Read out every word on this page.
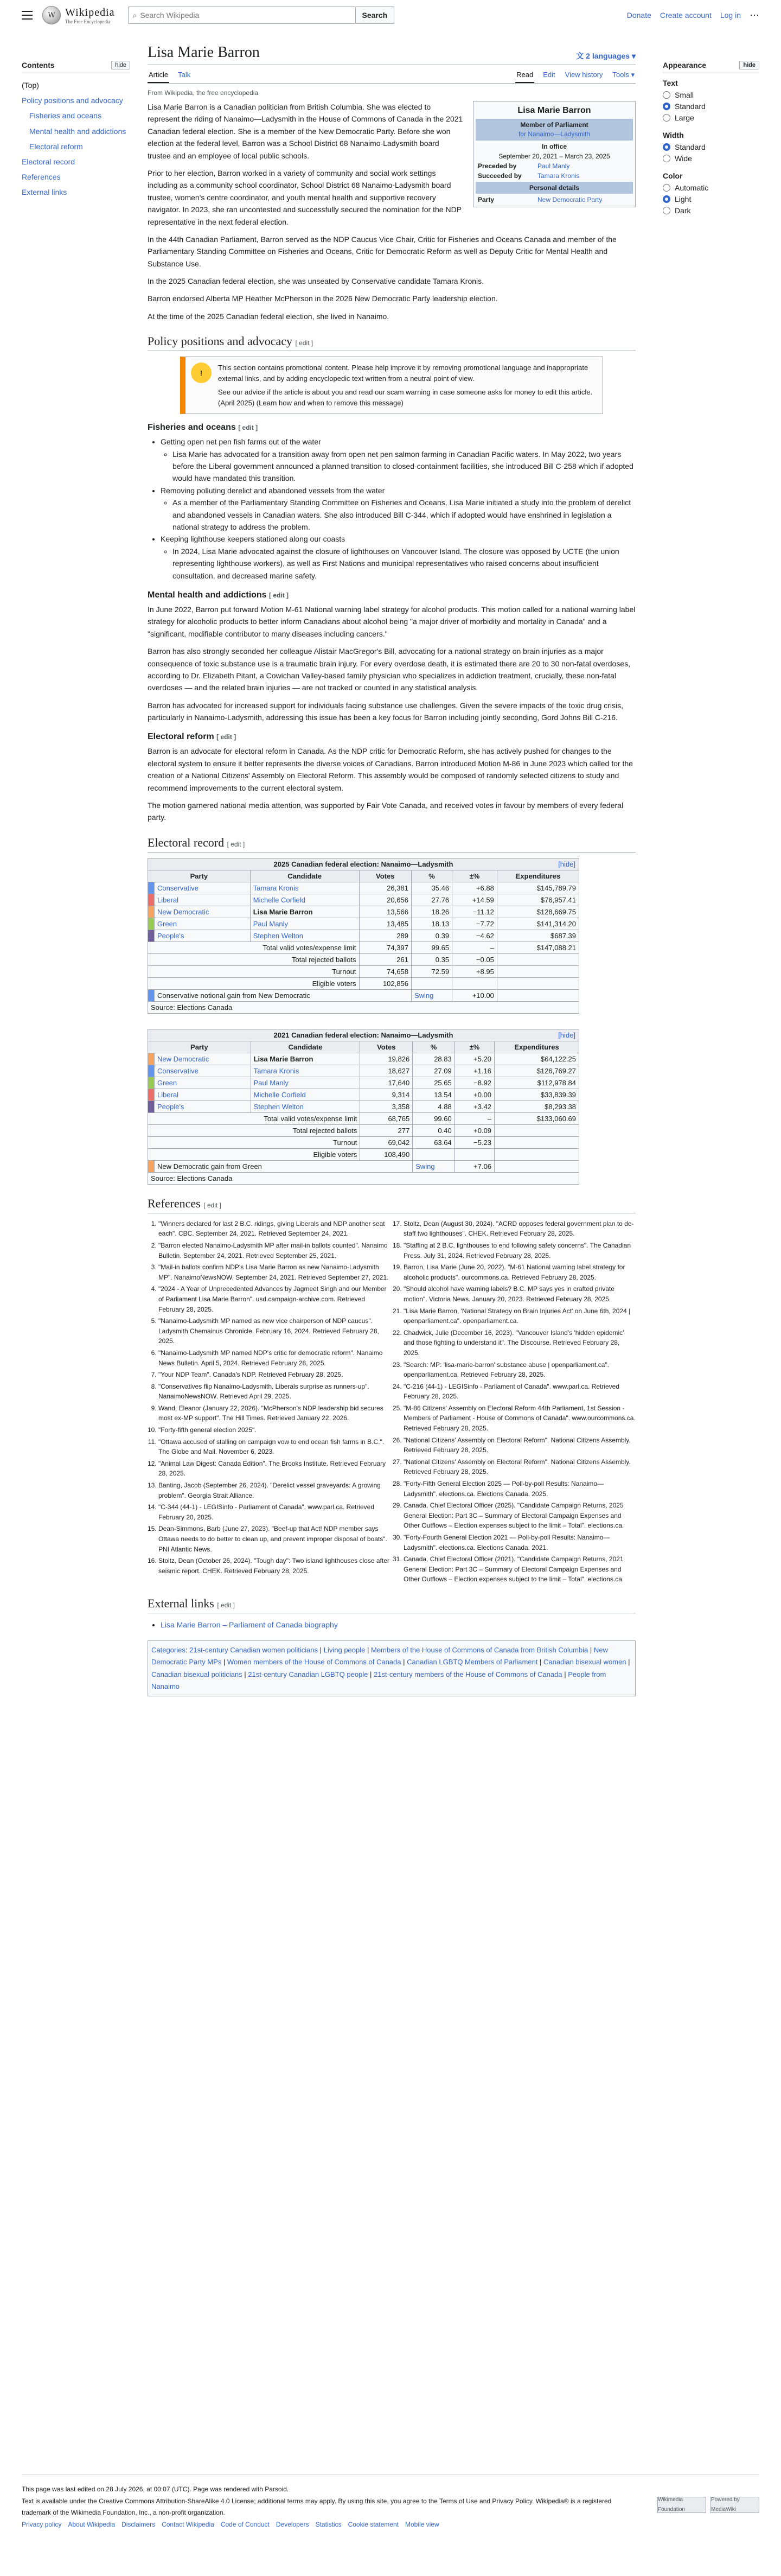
W Wikipedia
The Free Encyclopedia
⌕
Search Wikipedia	Search	Donate Create account Log in ⋯
Contents	hide
(Top)
Policy positions and advocacy
Fisheries and oceans
Mental health and addictions
Electoral reform
Electoral record
References
External links
Lisa Marie Barron	文 2 languages ▾
Article Talk	Read Edit View history Tools ▾
From Wikipedia, the free encyclopedia
Lisa Marie Barron
Member of Parliament
for Nanaimo—Ladysmith
In office
September 20, 2021 – March 23, 2025
Preceded by	Paul Manly
Succeeded by	Tamara Kronis
Personal details
Party	New Democratic Party

Lisa Marie Barron is a Canadian politician from British Columbia. She was elected to represent the riding of Nanaimo—Ladysmith in the House of Commons of Canada in the 2021 Canadian federal election. She is a member of the New Democratic Party. Before she won election at the federal level, Barron was a School District 68 Nanaimo-Ladysmith board trustee and an employee of local public schools.

Prior to her election, Barron worked in a variety of community and social work settings including as a community school coordinator, School District 68 Nanaimo-Ladysmith board trustee, women's centre coordinator, and youth mental health and supportive recovery navigator. In 2023, she ran uncontested and successfully secured the nomination for the NDP representative in the next federal election.

In the 44th Canadian Parliament, Barron served as the NDP Caucus Vice Chair, Critic for Fisheries and Oceans Canada and member of the Parliamentary Standing Committee on Fisheries and Oceans, Critic for Democratic Reform as well as Deputy Critic for Mental Health and Substance Use.

In the 2025 Canadian federal election, she was unseated by Conservative candidate Tamara Kronis.

Barron endorsed Alberta MP Heather McPherson in the 2026 New Democratic Party leadership election.

At the time of the 2025 Canadian federal election, she lived in Nanaimo.

Policy positions and advocacy [ edit ]
!
This section contains promotional content. Please help improve it by removing promotional language and inappropriate external links, and by adding encyclopedic text written from a neutral point of view.
See our advice if the article is about you and read our scam warning in case someone asks for money to edit this article. (April 2025) (Learn how and when to remove this message)
Fisheries and oceans [ edit ]
• Getting open net pen fish farms out of the water
◦ Lisa Marie has advocated for a transition away from open net pen salmon farming in Canadian Pacific waters. In May 2022, two years before the Liberal government announced a planned transition to closed-containment facilities, she introduced Bill C-258 which if adopted would have mandated this transition.
• Removing polluting derelict and abandoned vessels from the water
◦ As a member of the Parliamentary Standing Committee on Fisheries and Oceans, Lisa Marie initiated a study into the problem of derelict and abandoned vessels in Canadian waters. She also introduced Bill C-344, which if adopted would have enshrined in legislation a national strategy to address the problem.
• Keeping lighthouse keepers stationed along our coasts
◦ In 2024, Lisa Marie advocated against the closure of lighthouses on Vancouver Island. The closure was opposed by UCTE (the union representing lighthouse workers), as well as First Nations and municipal representatives who raised concerns about insufficient consultation, and decreased marine safety.
Mental health and addictions [ edit ]

In June 2022, Barron put forward Motion M-61 National warning label strategy for alcohol products. This motion called for a national warning label strategy for alcoholic products to better inform Canadians about alcohol being "a major driver of morbidity and mortality in Canada" and a "significant, modifiable contributor to many diseases including cancers."

Barron has also strongly seconded her colleague Alistair MacGregor's Bill, advocating for a national strategy on brain injuries as a major consequence of toxic substance use is a traumatic brain injury. For every overdose death, it is estimated there are 20 to 30 non-fatal overdoses, according to Dr. Elizabeth Pitant, a Cowichan Valley-based family physician who specializes in addiction treatment, crucially, these non-fatal overdoses — and the related brain injuries — are not tracked or counted in any statistical analysis.

Barron has advocated for increased support for individuals facing substance use challenges. Given the severe impacts of the toxic drug crisis, particularly in Nanaimo-Ladysmith, addressing this issue has been a key focus for Barron including jointly seconding, Gord Johns Bill C-216.

Electoral reform [ edit ]

Barron is an advocate for electoral reform in Canada. As the NDP critic for Democratic Reform, she has actively pushed for changes to the electoral system to ensure it better represents the diverse voices of Canadians. Barron introduced Motion M-86 in June 2023 which called for the creation of a National Citizens' Assembly on Electoral Reform. This assembly would be composed of randomly selected citizens to study and recommend improvements to the current electoral system.

The motion garnered national media attention, was supported by Fair Vote Canada, and received votes in favour by members of every federal party.

Electoral record [ edit ]
2025 Canadian federal election: Nanaimo—Ladysmith [hide]						

Party		Candidate	Votes	%	±%	Expenditures
	Conservative	Tamara Kronis	26,381	35.46	+6.88	$145,789.79
	Liberal	Michelle Corfield	20,656	27.76	+14.59	$76,957.41
	New Democratic	Lisa Marie Barron	13,566	18.26	−11.12	$128,669.75
	Green	Paul Manly	13,485	18.13	−7.72	$141,314.20
	People's	Stephen Welton	289	0.39	−4.62	$687.39
Total valid votes/expense limit			74,397	99.65	–	$147,088.21
Total rejected ballots			261	0.35	−0.05	
Turnout			74,658	72.59	+8.95	
Eligible voters			102,856			
	Conservative notional gain from New Democratic			Swing	+10.00	
Source: Elections Canada						
2021 Canadian federal election: Nanaimo—Ladysmith [hide]						

Party		Candidate	Votes	%	±%	Expenditures
	New Democratic	Lisa Marie Barron	19,826	28.83	+5.20	$64,122.25
	Conservative	Tamara Kronis	18,627	27.09	+1.16	$126,769.27
	Green	Paul Manly	17,640	25.65	−8.92	$112,978.84
	Liberal	Michelle Corfield	9,314	13.54	+0.00	$33,839.39
	People's	Stephen Welton	3,358	4.88	+3.42	$8,293.38
Total valid votes/expense limit			68,765	99.60	–	$133,060.69
Total rejected ballots			277	0.40	+0.09	
Turnout			69,042	63.64	−5.23	
Eligible voters			108,490			
	New Democratic gain from Green			Swing	+7.06	
Source: Elections Canada						
References [ edit ]
1. "Winners declared for last 2 B.C. ridings, giving Liberals and NDP another seat each". CBC. September 24, 2021. Retrieved September 24, 2021.
2. "Barron elected Nanaimo-Ladysmith MP after mail-in ballots counted". Nanaimo Bulletin. September 24, 2021. Retrieved September 25, 2021.
3. "Mail-in ballots confirm NDP's Lisa Marie Barron as new Nanaimo-Ladysmith MP". NanaimoNewsNOW. September 24, 2021. Retrieved September 27, 2021.
4. "2024 - A Year of Unprecedented Advances by Jagmeet Singh and our Member of Parliament Lisa Marie Barron". usd.campaign-archive.com. Retrieved February 28, 2025.
5. "Nanaimo-Ladysmith MP named as new vice chairperson of NDP caucus". Ladysmith Chemainus Chronicle. February 16, 2024. Retrieved February 28, 2025.
6. "Nanaimo-Ladysmith MP named NDP's critic for democratic reform". Nanaimo News Bulletin. April 5, 2024. Retrieved February 28, 2025.
7. "Your NDP Team". Canada's NDP. Retrieved February 28, 2025.
8. "Conservatives flip Nanaimo-Ladysmith, Liberals surprise as runners-up". NanaimoNewsNOW. Retrieved April 29, 2025.
9. Wand, Eleanor (January 22, 2026). "McPherson's NDP leadership bid secures most ex-MP support". The Hill Times. Retrieved January 22, 2026.
10. "Forty-fifth general election 2025".
11. "Ottawa accused of stalling on campaign vow to end ocean fish farms in B.C.". The Globe and Mail. November 6, 2023.
12. "Animal Law Digest: Canada Edition". The Brooks Institute. Retrieved February 28, 2025.
13. Banting, Jacob (September 26, 2024). "Derelict vessel graveyards: A growing problem". Georgia Strait Alliance.
14. "C-344 (44-1) - LEGISinfo - Parliament of Canada". www.parl.ca. Retrieved February 20, 2025.
15. Dean-Simmons, Barb (June 27, 2023). "Beef-up that Act! NDP member says Ottawa needs to do better to clean up, and prevent improper disposal of boats". PNI Atlantic News.
16. Stoltz, Dean (October 26, 2024). "Tough day": Two island lighthouses close after seismic report. CHEK. Retrieved February 28, 2025.
17. Stoltz, Dean (August 30, 2024). "ACRD opposes federal government plan to de-staff two lighthouses". CHEK. Retrieved February 28, 2025.
18. "Staffing at 2 B.C. lighthouses to end following safety concerns". The Canadian Press. July 31, 2024. Retrieved February 28, 2025.
19. Barron, Lisa Marie (June 20, 2022). "M-61 National warning label strategy for alcoholic products". ourcommons.ca. Retrieved February 28, 2025.
20. "Should alcohol have warning labels? B.C. MP says yes in crafted private motion". Victoria News. January 20, 2023. Retrieved February 28, 2025.
21. "Lisa Marie Barron, 'National Strategy on Brain Injuries Act' on June 6th, 2024 | openparliament.ca". openparliament.ca.
22. Chadwick, Julie (December 16, 2023). "Vancouver Island's 'hidden epidemic' and those fighting to understand it". The Discourse. Retrieved February 28, 2025.
23. "Search: MP: 'lisa-marie-barron' substance abuse | openparliament.ca". openparliament.ca. Retrieved February 28, 2025.
24. "C-216 (44-1) - LEGISinfo - Parliament of Canada". www.parl.ca. Retrieved February 28, 2025.
25. "M-86 Citizens' Assembly on Electoral Reform 44th Parliament, 1st Session - Members of Parliament - House of Commons of Canada". www.ourcommons.ca. Retrieved February 28, 2025.
26. "National Citizens' Assembly on Electoral Reform". National Citizens Assembly. Retrieved February 28, 2025.
27. "National Citizens' Assembly on Electoral Reform". National Citizens Assembly. Retrieved February 28, 2025.
28. "Forty-Fifth General Election 2025 — Poll-by-poll Results: Nanaimo—Ladysmith". elections.ca. Elections Canada. 2025.
29. Canada, Chief Electoral Officer (2025). "Candidate Campaign Returns, 2025 General Election: Part 3C – Summary of Electoral Campaign Expenses and Other Outflows – Election expenses subject to the limit – Total". elections.ca.
30. "Forty-Fourth General Election 2021 — Poll-by-poll Results: Nanaimo—Ladysmith". elections.ca. Elections Canada. 2021.
31. Canada, Chief Electoral Officer (2021). "Candidate Campaign Returns, 2021 General Election: Part 3C – Summary of Electoral Campaign Expenses and Other Outflows – Election expenses subject to the limit – Total". elections.ca.
External links [ edit ]
• Lisa Marie Barron – Parliament of Canada biography
Categories: 21st-century Canadian women politicians | Living people | Members of the House of Commons of Canada from British Columbia | New Democratic Party MPs | Women members of the House of Commons of Canada | Canadian LGBTQ Members of Parliament | Canadian bisexual women | Canadian bisexual politicians | 21st-century Canadian LGBTQ people | 21st-century members of the House of Commons of Canada | People from Nanaimo
Appearance	hide
Text
Small
Standard
Large
Width
Standard
Wide
Color
Automatic
Light
Dark
This page was last edited on 28 July 2026, at 00:07 (UTC). Page was rendered with Parsoid.
Text is available under the Creative Commons Attribution-ShareAlike 4.0 License; additional terms may apply. By using this site, you agree to the Terms of Use and Privacy Policy. Wikipedia® is a registered trademark of the Wikimedia Foundation, Inc., a non-profit organization.
Privacy policy About Wikipedia Disclaimers Contact Wikipedia Code of Conduct Developers Statistics Cookie statement Mobile view
Wikimedia Foundation
Powered by MediaWiki
